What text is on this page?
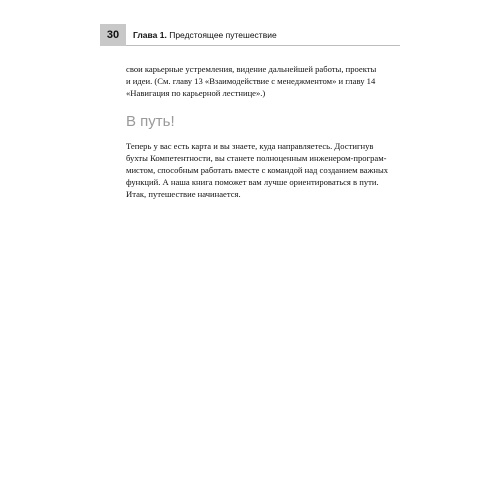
30	Глава 1. Предстоящее путешествие

свои карьерные устремления, видение дальнейшей работы, проекты
и идеи. (См. главу 13 «Взаимодействие с менеджментом» и главу 14
«Навигация по карьерной лестнице».)

В путь!

Теперь у вас есть карта и вы знаете, куда направляетесь. Достигнув
бухты Компетентности, вы станете полноценным инженером-програм-
мистом, способным работать вместе с командой над созданием важных
функций. А наша книга поможет вам лучше ориентироваться в пути.
Итак, путешествие начинается.
